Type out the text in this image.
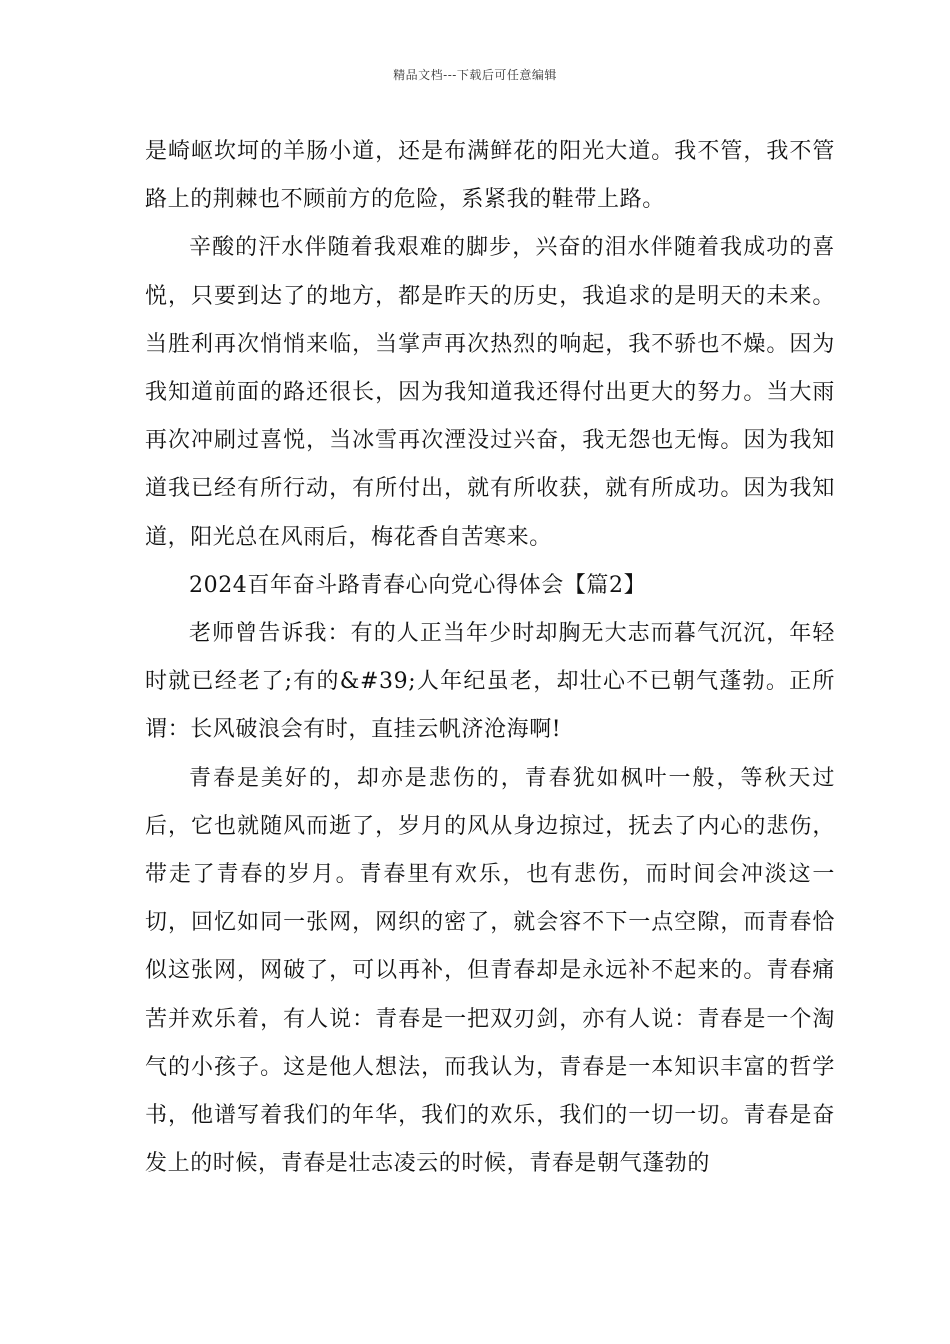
精品文档---下载后可任意编辑

是崎岖坎坷的羊肠小道，还是布满鲜花的阳光大道。我不管，我不管路上的荆棘也不顾前方的危险，系紧我的鞋带上路。

辛酸的汗水伴随着我艰难的脚步，兴奋的泪水伴随着我成功的喜悦，只要到达了的地方，都是昨天的历史，我追求的是明天的未来。当胜利再次悄悄来临，当掌声再次热烈的响起，我不骄也不燥。因为我知道前面的路还很长，因为我知道我还得付出更大的努力。当大雨再次冲刷过喜悦，当冰雪再次湮没过兴奋，我无怨也无悔。因为我知道我已经有所行动，有所付出，就有所收获，就有所成功。因为我知道，阳光总在风雨后，梅花香自苦寒来。

2024百年奋斗路青春心向党心得体会【篇2】

老师曾告诉我：有的人正当年少时却胸无大志而暮气沉沉，年轻时就已经老了;有的&#39;人年纪虽老，却壮心不已朝气蓬勃。正所谓：长风破浪会有时，直挂云帆济沧海啊!

青春是美好的，却亦是悲伤的，青春犹如枫叶一般，等秋天过后，它也就随风而逝了，岁月的风从身边掠过，抚去了内心的悲伤，带走了青春的岁月。青春里有欢乐，也有悲伤，而时间会冲淡这一切，回忆如同一张网，网织的密了，就会容不下一点空隙，而青春恰似这张网，网破了，可以再补，但青春却是永远补不起来的。青春痛苦并欢乐着，有人说：青春是一把双刃剑，亦有人说：青春是一个淘气的小孩子。这是他人想法，而我认为，青春是一本知识丰富的哲学书，他谱写着我们的年华，我们的欢乐，我们的一切一切。青春是奋发上的时候，青春是壮志凌云的时候，青春是朝气蓬勃的
